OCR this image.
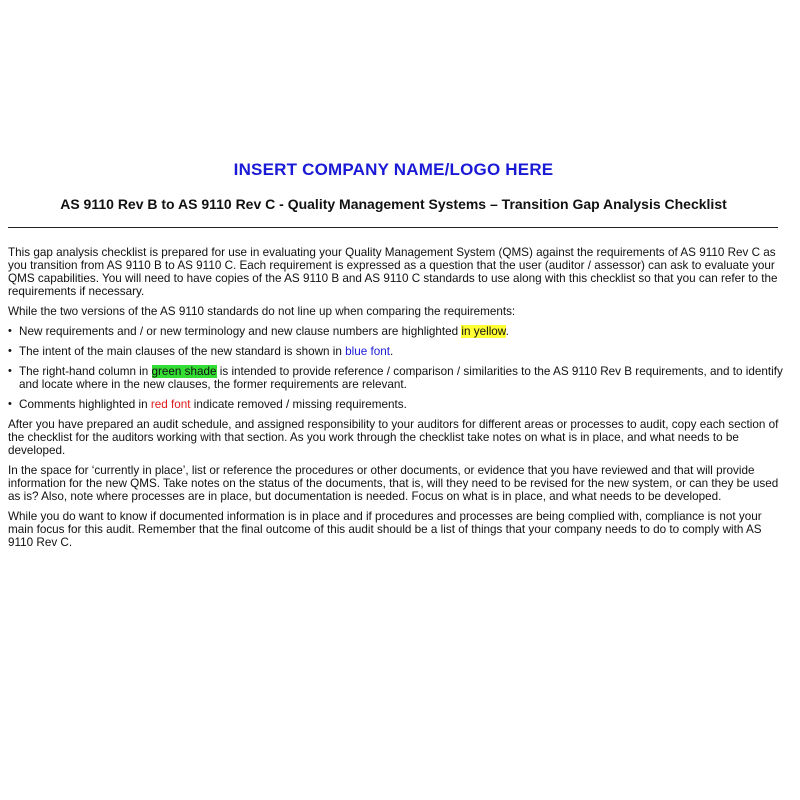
INSERT COMPANY NAME/LOGO HERE
AS 9110 Rev B to AS 9110 Rev C - Quality Management Systems – Transition Gap Analysis Checklist

This gap analysis checklist is prepared for use in evaluating your Quality Management System (QMS) against the requirements of AS 9110 Rev C as you transition from AS 9110 B to AS 9110 C. Each requirement is expressed as a question that the user (auditor / assessor) can ask to evaluate your QMS capabilities. You will need to have copies of the AS 9110 B and AS 9110 C standards to use along with this checklist so that you can refer to the requirements if necessary.

While the two versions of the AS 9110 standards do not line up when comparing the requirements:

• New requirements and / or new terminology and new clause numbers are highlighted in yellow.
• The intent of the main clauses of the new standard is shown in blue font.
• The right-hand column in green shade is intended to provide reference / comparison / similarities to the AS 9110 Rev B requirements, and to identify and locate where in the new clauses, the former requirements are relevant.
• Comments highlighted in red font indicate removed / missing requirements.

After you have prepared an audit schedule, and assigned responsibility to your auditors for different areas or processes to audit, copy each section of the checklist for the auditors working with that section. As you work through the checklist take notes on what is in place, and what needs to be developed.

In the space for ‘currently in place’, list or reference the procedures or other documents, or evidence that you have reviewed and that will provide information for the new QMS. Take notes on the status of the documents, that is, will they need to be revised for the new system, or can they be used as is? Also, note where processes are in place, but documentation is needed. Focus on what is in place, and what needs to be developed.

While you do want to know if documented information is in place and if procedures and processes are being complied with, compliance is not your main focus for this audit. Remember that the final outcome of this audit should be a list of things that your company needs to do to comply with AS 9110 Rev C.
